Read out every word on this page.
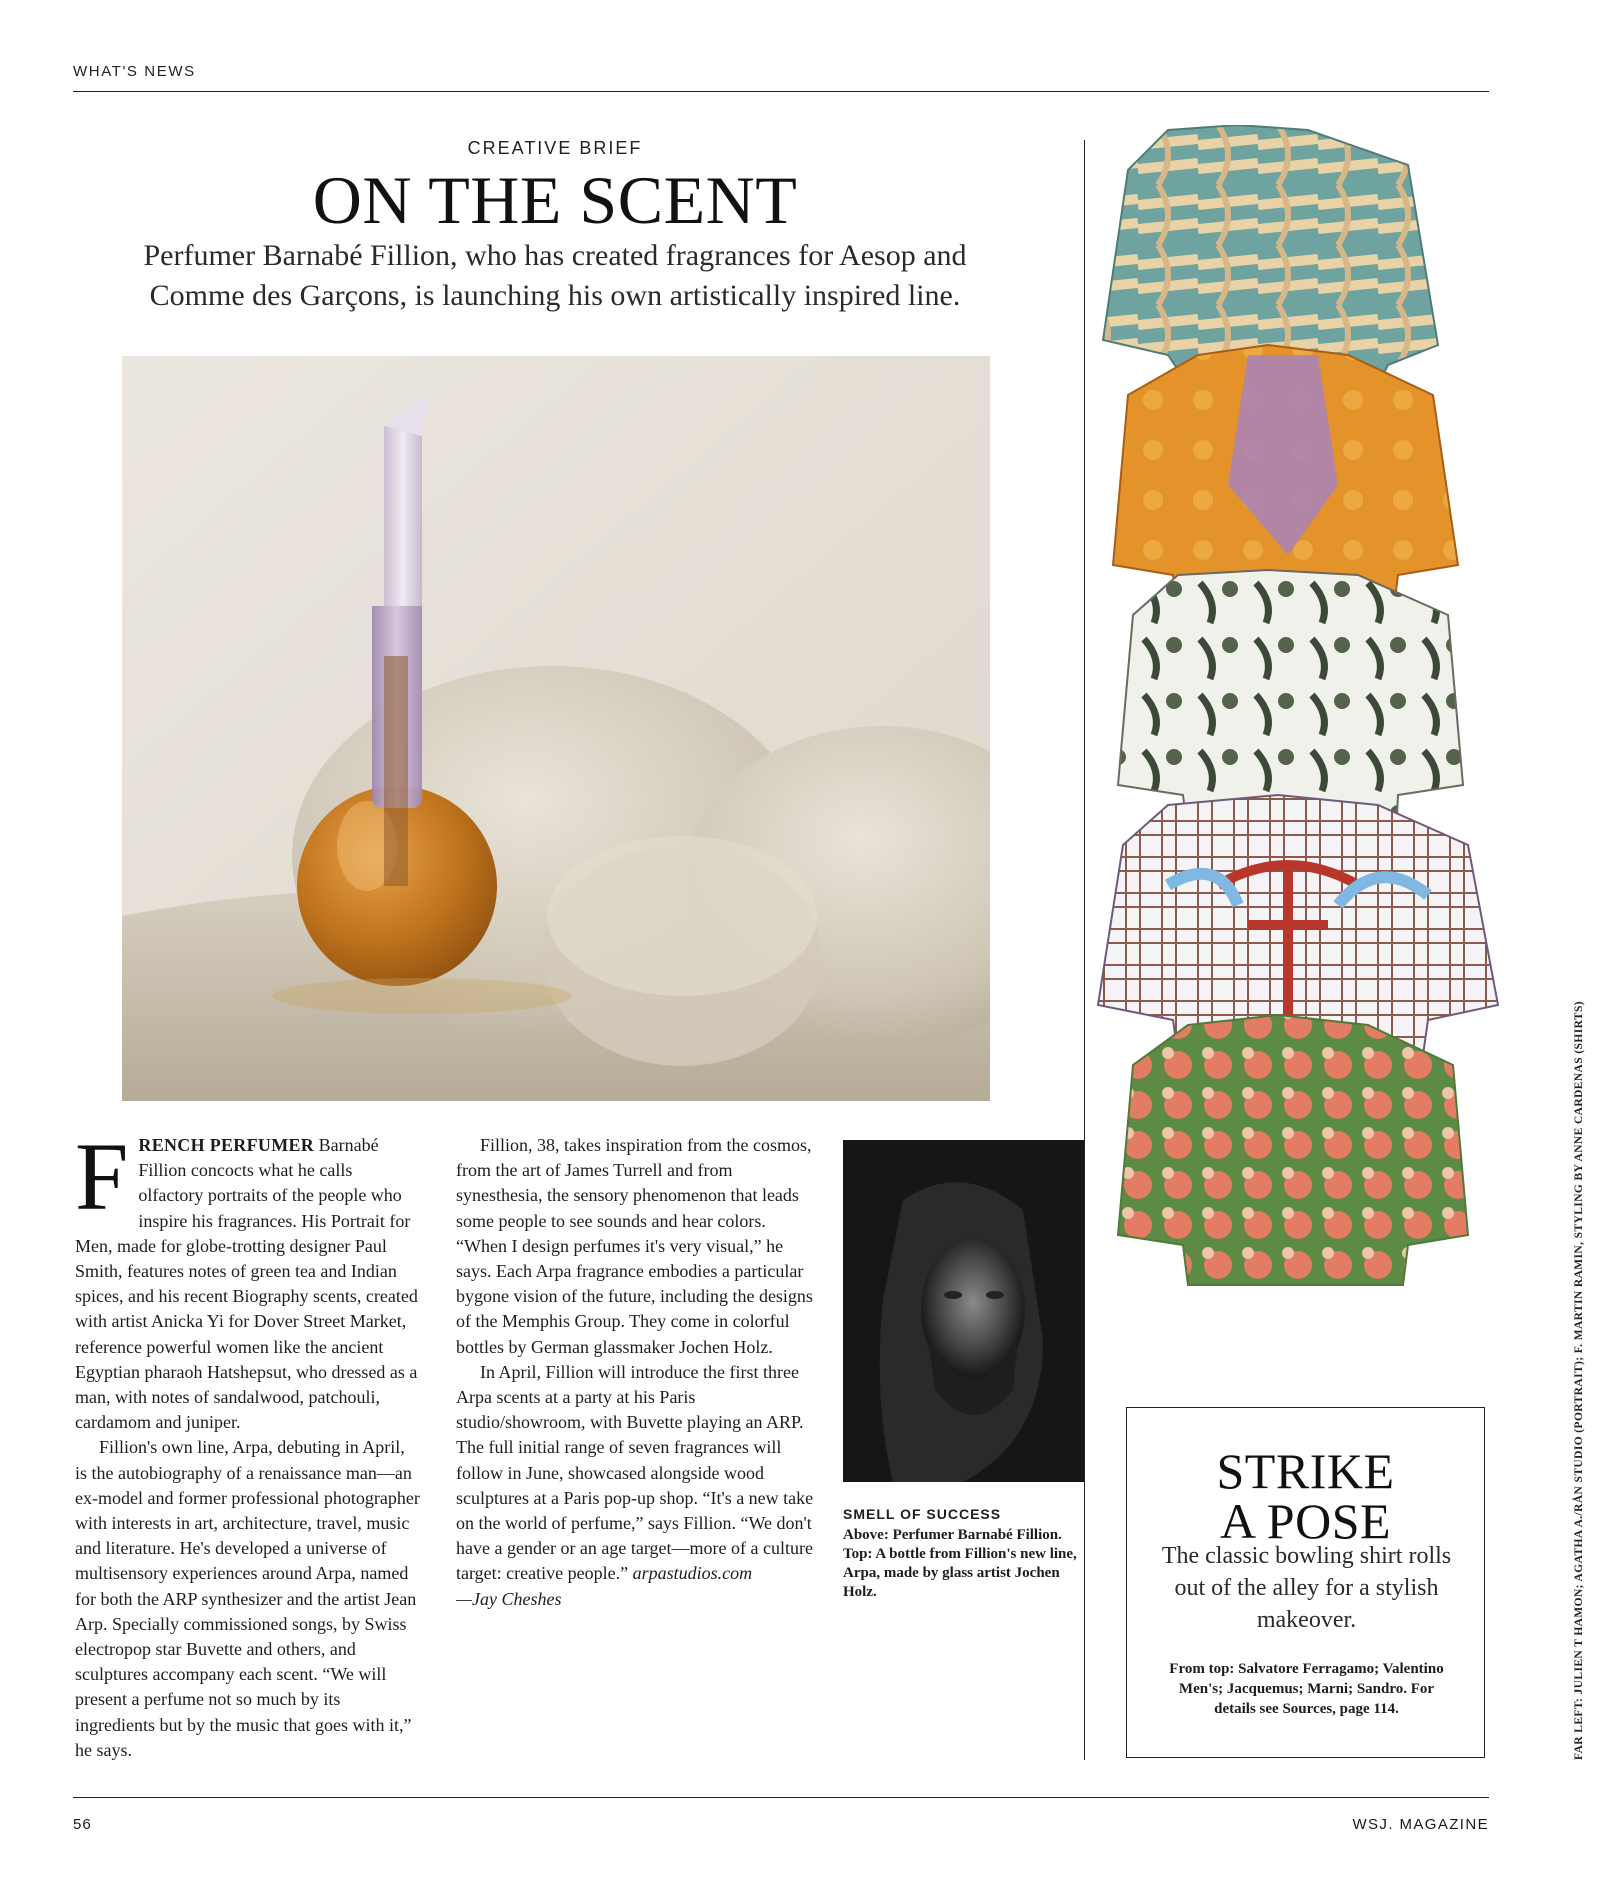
WHAT'S NEWS
CREATIVE BRIEF
ON THE SCENT
Perfumer Barnabé Fillion, who has created fragrances for Aesop and Comme des Garçons, is launching his own artistically inspired line.
F RENCH PERFUMER Barnabé Fillion concocts what he calls olfactory portraits of the people who inspire his fragrances. His Portrait for Men, made for globe-trotting designer Paul Smith, features notes of green tea and Indian spices, and his recent Biography scents, created with artist Anicka Yi for Dover Street Market, reference powerful women like the ancient Egyptian pharaoh Hatshepsut, who dressed as a man, with notes of sandalwood, patchouli, cardamom and juniper.
Fillion's own line, Arpa, debuting in April, is the autobiography of a renaissance man—an ex-model and former professional photographer with interests in art, architecture, travel, music and literature. He's developed a universe of multisensory experiences around Arpa, named for both the ARP synthesizer and the artist Jean Arp. Specially commissioned songs, by Swiss electropop star Buvette and others, and sculptures accompany each scent. “We will present a perfume not so much by its ingredients but by the music that goes with it,” he says.
Fillion, 38, takes inspiration from the cosmos, from the art of James Turrell and from synesthesia, the sensory phenomenon that leads some people to see sounds and hear colors. “When I design perfumes it's very visual,” he says. Each Arpa fragrance embodies a particular bygone vision of the future, including the designs of the Memphis Group. They come in colorful bottles by German glassmaker Jochen Holz.
In April, Fillion will introduce the first three Arpa scents at a party at his Paris studio/showroom, with Buvette playing an ARP. The full initial range of seven fragrances will follow in June, showcased alongside wood sculptures at a Paris pop-up shop. “It's a new take on the world of perfume,” says Fillion. “We don't have a gender or an age target—more of a culture target: creative people.” arpastudios.com
—Jay Cheshes
SMELL OF SUCCESS
Above: Perfumer Barnabé Fillion. Top: A bottle from Fillion's new line, Arpa, made by glass artist Jochen Holz.
STRIKE
A POSE
The classic bowling shirt rolls out of the alley for a stylish makeover.
From top: Salvatore Ferragamo; Valentino Men's; Jacquemus; Marni; Sandro. For details see Sources, page 114.	FAR LEFT: JULIEN T HAMON; AGATHA A./RÅN STUDIO (PORTRAIT); F. MARTIN RAMIN, STYLING BY ANNE CARDENAS (SHIRTS)
56	WSJ. MAGAZINE
